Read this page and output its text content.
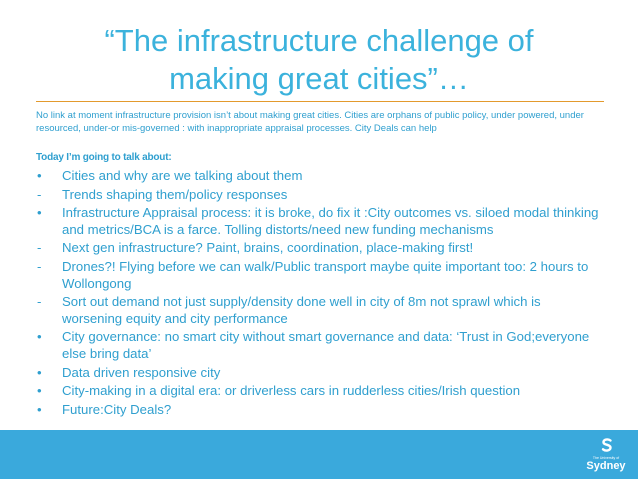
“The infrastructure challenge of
making great cities”…
No link at moment infrastructure provision isn’t about making great cities. Cities are orphans of public policy, under powered, under resourced, under-or mis-governed : with inappropriate appraisal processes. City Deals can help
Today I’m going to talk about:
•	Cities and why are we talking about them
-	Trends shaping them/policy responses
•	Infrastructure Appraisal process: it is broke, do fix it :City outcomes vs. siloed modal thinking and metrics/BCA is a farce. Tolling distorts/need new funding mechanisms
-	Next gen infrastructure? Paint, brains, coordination, place-making first!
-	Drones?! Flying before we can walk/Public transport maybe quite important too: 2 hours to Wollongong
-	Sort out demand not just supply/density done well in city of 8m not sprawl which is worsening equity and city performance
•	City governance: no smart city without smart governance and data: ‘Trust in God;everyone else bring data’
•	Data driven responsive city
•	City-making in a digital era: or driverless cars in rudderless cities/Irish question
•	Future:City Deals?
The University of
Sydney
